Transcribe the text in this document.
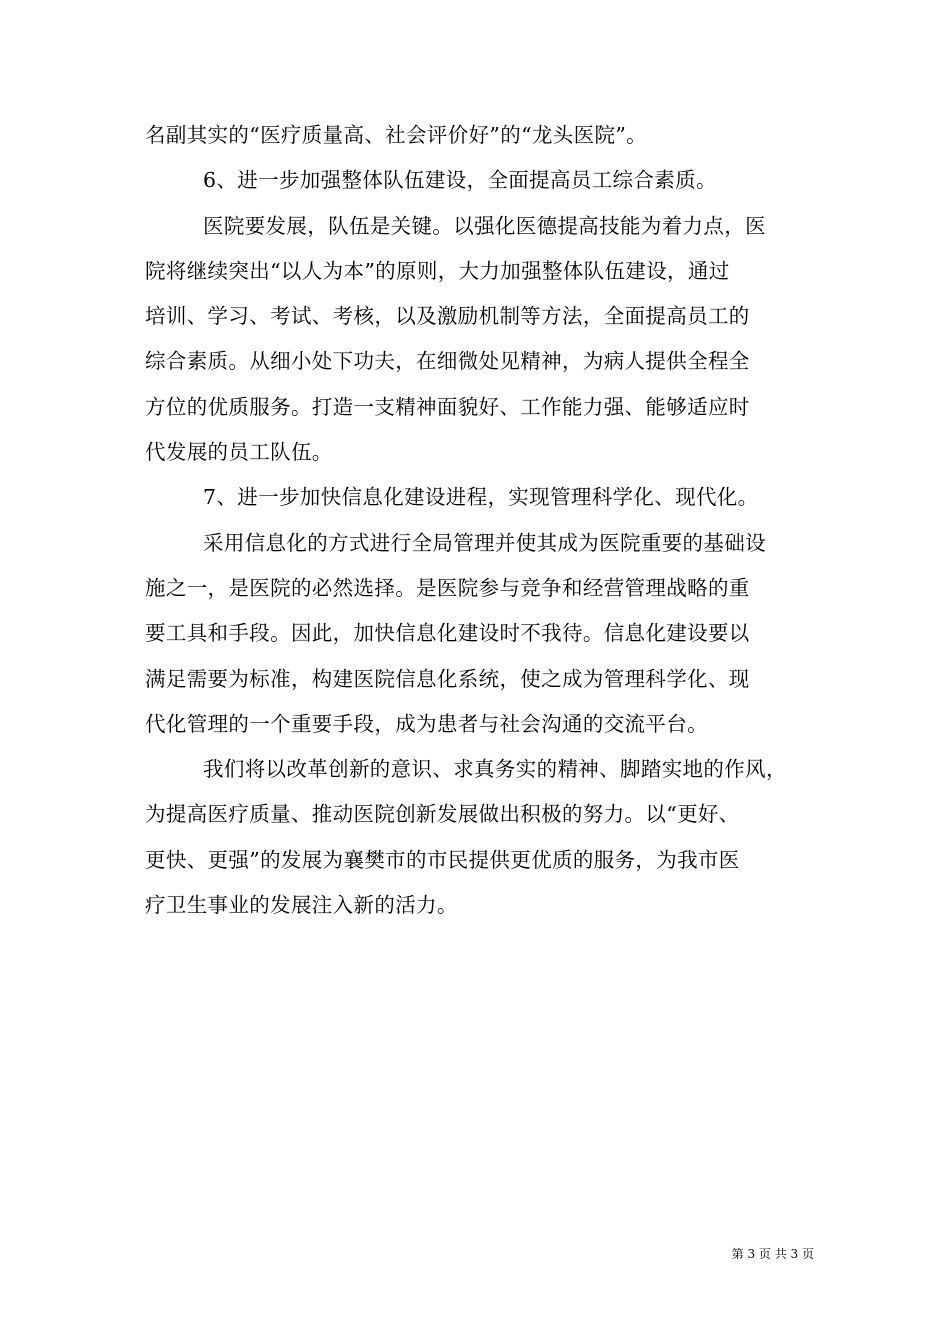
名副其实的“医疗质量高、社会评价好”的“龙头医院”。
6、进一步加强整体队伍建设，全面提高员工综合素质。
医院要发展，队伍是关键。以强化医德提高技能为着力点，医
院将继续突出“以人为本”的原则，大力加强整体队伍建设，通过
培训、学习、考试、考核，以及激励机制等方法，全面提高员工的
综合素质。从细小处下功夫，在细微处见精神，为病人提供全程全
方位的优质服务。打造一支精神面貌好、工作能力强、能够适应时
代发展的员工队伍。
7、进一步加快信息化建设进程，实现管理科学化、现代化。
采用信息化的方式进行全局管理并使其成为医院重要的基础设
施之一，是医院的必然选择。是医院参与竞争和经营管理战略的重
要工具和手段。因此，加快信息化建设时不我待。信息化建设要以
满足需要为标准，构建医院信息化系统，使之成为管理科学化、现
代化管理的一个重要手段，成为患者与社会沟通的交流平台。
我们将以改革创新的意识、求真务实的精神、脚踏实地的作风，
为提高医疗质量、推动医院创新发展做出积极的努力。以“更好、
更快、更强”的发展为襄樊市的市民提供更优质的服务，为我市医
疗卫生事业的发展注入新的活力。
第 3 页 共 3 页
